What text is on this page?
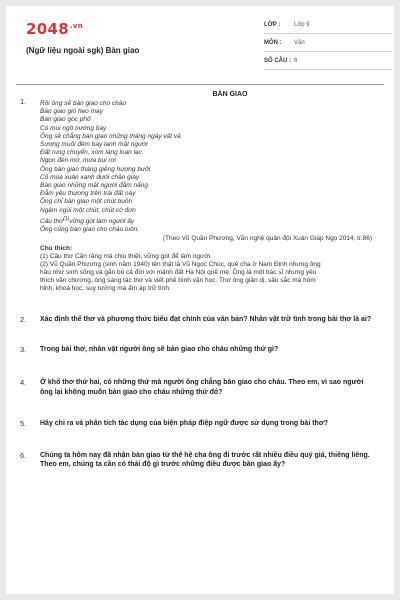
$2048^{.vn}$
(Ngữ liệu ngoài sgk) Bàn giao
LỚP :	Lớp 9
MÔN :	Văn
SỐ CÂU : 6
1.
BÀN GIAO
Rồi ông sẽ bàn giao cho cháu
Bàn giao gió heo may
Bàn giao góc phố
Có mùi ngô nướng bay
Ông sẽ chẳng bàn giao những tháng ngày vất vả
Sương muối đêm bay lạnh mặt người
Đất rung chuyển, xóm làng loạn lạc
Ngọn đèn mờ, mưa bụi rơi
Ông bàn giao tháng giêng hương bưởi
Cỏ mùa xuân xanh dưới chân giày
Bàn giao những mặt người đẫm nắng
Đằm yêu thương trên trái đất này
Ông chỉ bàn giao một chút buồn
Ngậm ngùi một chút, chút cô đơn
Câu thơ$^{(1)}$vững gót làm người ấy
Ông cũng bàn giao cho cháu luôn.
(Theo Vũ Quần Phương, Văn nghệ quân đội Xuân Giáp Ngọ 2014, tr.86)
Chú thích:
(1) Câu thơ Căn răng mà chịu thiệt, vững gót để làm người.
(2) Vũ Quần Phương (sinh năm 1940) tên thật là Vũ Ngọc Chúc, quê cha ở Nam Định nhưng ông
hầu như sinh sống và gắn bó cả đời với mảnh đất Hà Nội quê mẹ. Ông là một bác sĩ nhưng yêu
thích văn chương, ông sáng tác thơ và viết phê bình văn học. Thơ ông giản dị, sâu sắc mà hóm
hỉnh, khoa học, suy tưởng mà ấm áp trữ tình.
2. Xác định thể thơ và phương thức biểu đạt chính của văn bản? Nhân vật trữ tình trong bài thơ là ai?
3. Trong bài thơ, nhân vật người ông sẽ bàn giao cho cháu những thứ gì?
4. Ở khổ thơ thứ hai, có những thứ mà người ông chẳng bàn giao cho cháu. Theo em, vì sao người ông lại không muốn bàn giao cho cháu những thứ đó?
5. Hãy chỉ ra và phân tích tác dụng của biện pháp điệp ngữ được sử dụng trong bài thơ?
6. Chúng ta hôm nay đã nhận bàn giao từ thế hệ cha ông đi trước rất nhiều điều quý giá, thiêng liêng. Theo em, chúng ta cần có thái độ gì trước những điều được bàn giao ấy?
